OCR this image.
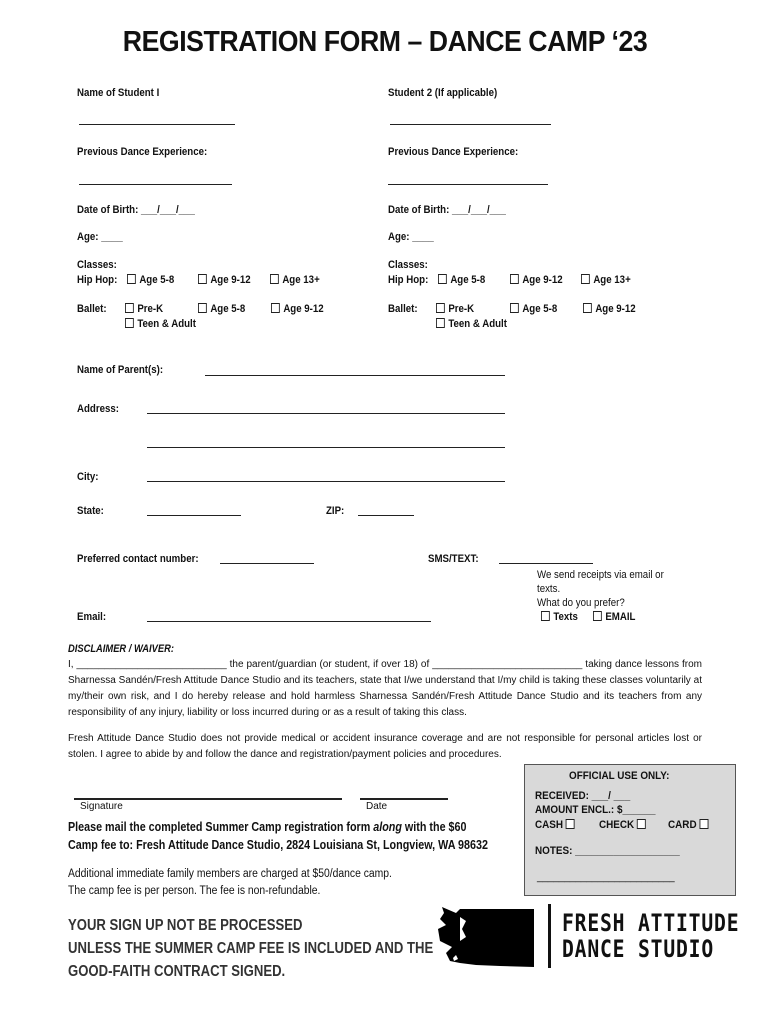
REGISTRATION FORM – DANCE CAMP ‘23
Name of Student I
Previous Dance Experience:
Date of Birth: ___/___/___
Age: ____
Classes:
Hip Hop:	Age 5-8	Age 9-12	Age 13+
Ballet:	Pre-K	Age 5-8	Age 9-12
Teen & Adult
Student 2 (If applicable)
Previous Dance Experience:
Date of Birth: ___/___/___
Age: ____
Classes:
Hip Hop:	Age 5-8	Age 9-12	Age 13+
Ballet:	Pre-K	Age 5-8	Age 9-12
Teen & Adult
Name of Parent(s):
Address:
City:
State:	ZIP:
Preferred contact number:	SMS/TEXT:
Email:
We send receipts via email or
texts.
What do you prefer?
Texts	EMAIL
DISCLAIMER / WAIVER:
I, ___________________________ the parent/guardian (or student, if over 18) of ___________________________ taking dance lessons from Sharnessa Sandén/Fresh Attitude Dance Studio and its teachers, state that I/we understand that I/my child is taking these classes voluntarily at my/their own risk, and I do hereby release and hold harmless Sharnessa Sandén/Fresh Attitude Dance Studio and its teachers from any responsibility of any injury, liability or loss incurred during or as a result of taking this class.
Fresh Attitude Dance Studio does not provide medical or accident insurance coverage and are not responsible for personal articles lost or stolen. I agree to abide by and follow the dance and registration/payment policies and procedures.
OFFICIAL USE ONLY:
RECEIVED: ___/ ___
AMOUNT ENCL.: $______
CASH	CHECK	CARD
NOTES: ___________________
_________________________
Signature	Date
Please mail the completed Summer Camp registration form along with the $60
Camp fee to: Fresh Attitude Dance Studio, 2824 Louisiana St, Longview, WA 98632
Additional immediate family members are charged at $50/dance camp.
The camp fee is per person. The fee is non-refundable.
YOUR SIGN UP NOT BE PROCESSED
UNLESS THE SUMMER CAMP FEE IS INCLUDED AND THE
GOOD-FAITH CONTRACT SIGNED.
FRESH ATTITUDE
DANCE STUDIO
